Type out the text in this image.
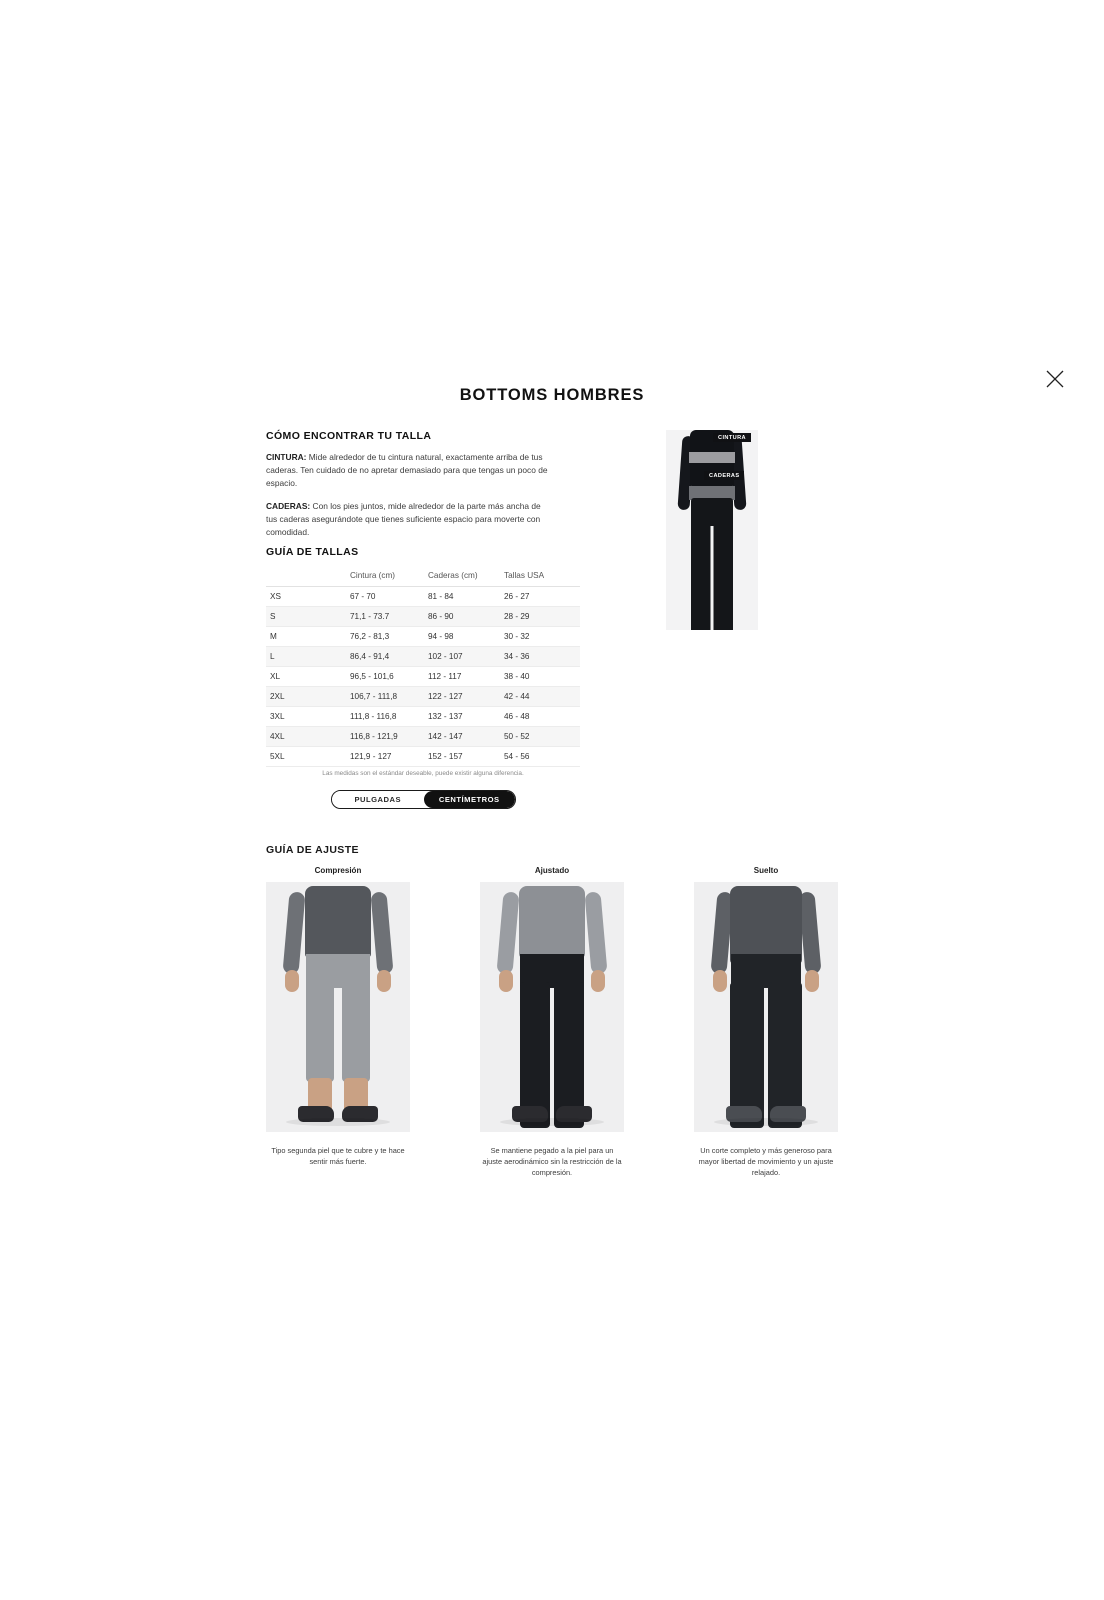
BOTTOMS HOMBRES
CÓMO ENCONTRAR TU TALLA

CINTURA: Mide alrededor de tu cintura natural, exactamente arriba de tus caderas. Ten cuidado de no apretar demasiado para que tengas un poco de espacio.

CADERAS: Con los pies juntos, mide alrededor de la parte más ancha de tus caderas asegurándote que tienes suficiente espacio para moverte con comodidad.

CINTURA
CADERAS
GUÍA DE TALLAS
	Cintura (cm)	Caderas (cm)	Tallas USA
XS	67 - 70	81 - 84	26 - 27
S	71,1 - 73.7	86 - 90	28 - 29
M	76,2 - 81,3	94 - 98	30 - 32
L	86,4 - 91,4	102 - 107	34 - 36
XL	96,5 - 101,6	112 - 117	38 - 40
2XL	106,7 - 111,8	122 - 127	42 - 44
3XL	111,8 - 116,8	132 - 137	46 - 48
4XL	116,8 - 121,9	142 - 147	50 - 52
5XL	121,9 - 127	152 - 157	54 - 56
Las medidas son el estándar deseable, puede existir alguna diferencia.
PULGADAS	CENTÍMETROS
GUÍA DE AJUSTE
Compresión
Tipo segunda piel que te cubre y te hace sentir más fuerte.
Ajustado
Se mantiene pegado a la piel para un ajuste aerodinámico sin la restricción de la compresión.
Suelto
Un corte completo y más generoso para mayor libertad de movimiento y un ajuste relajado.
